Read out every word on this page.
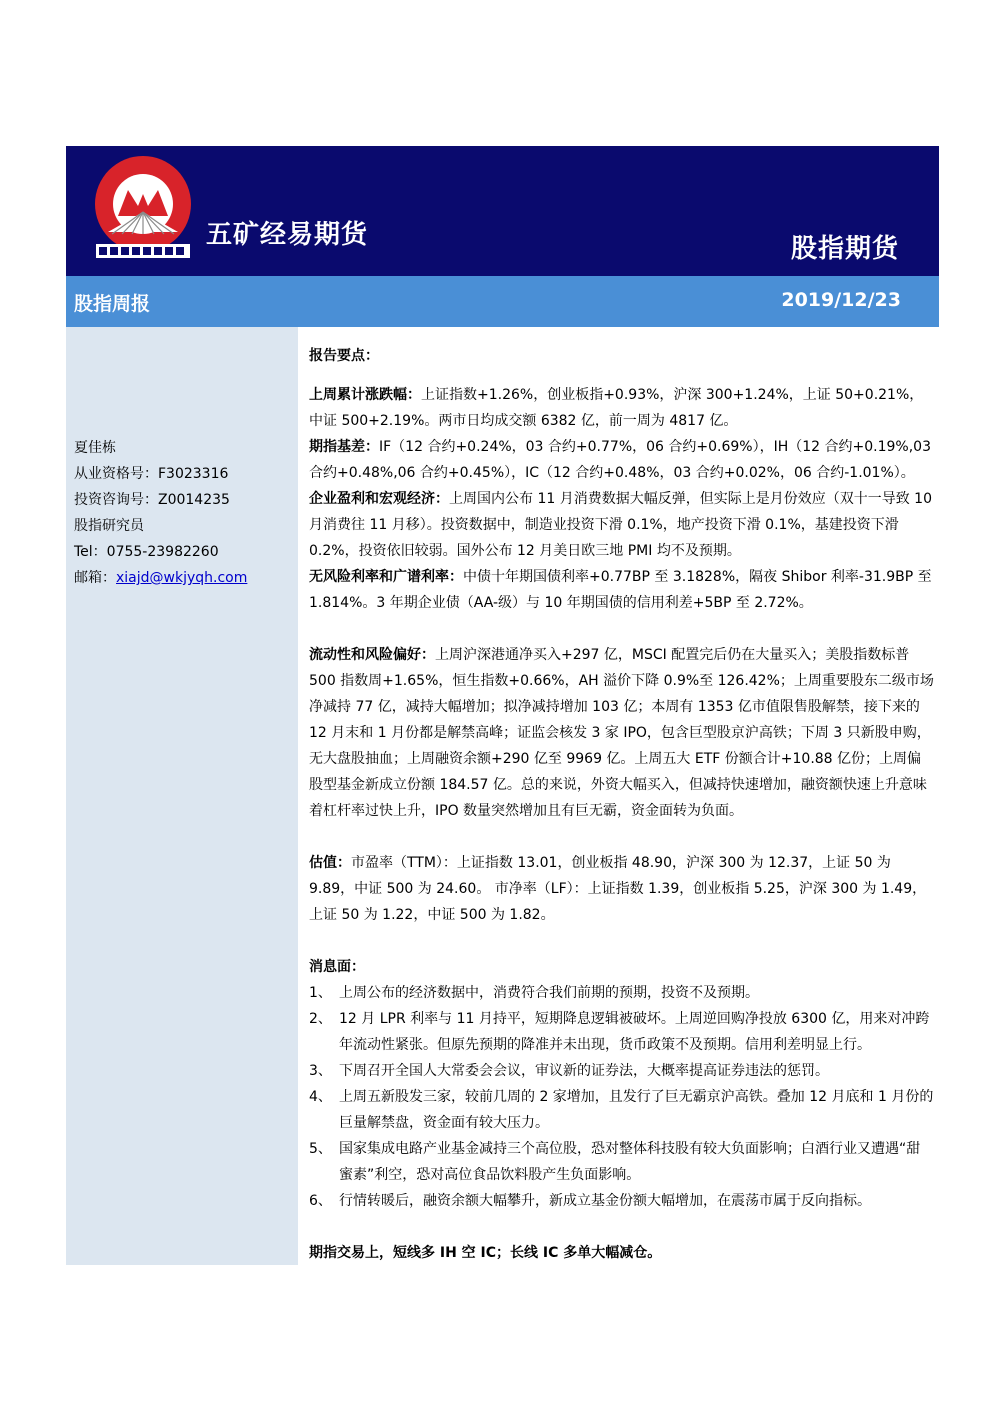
五矿经易期货	股指期货
股指周报	2019/12/23
夏佳栋
从业资格号：F3023316
投资咨询号：Z0014235
股指研究员
Tel：0755-23982260
邮箱：xiajd@wkjyqh.com

报告要点：

上周累计涨跌幅：上证指数+1.26%，创业板指+0.93%，沪深 300+1.24%，上证 50+0.21%，中证 500+2.19%。两市日均成交额 6382 亿，前一周为 4817 亿。

期指基差：IF（12 合约+0.24%，03 合约+0.77%，06 合约+0.69%），IH（12 合约+0.19%,03 合约+0.48%,06 合约+0.45%），IC（12 合约+0.48%，03 合约+0.02%，06 合约-1.01%）。

企业盈利和宏观经济：上周国内公布 11 月消费数据大幅反弹，但实际上是月份效应（双十一导致 10 月消费往 11 月移）。投资数据中，制造业投资下滑 0.1%，地产投资下滑 0.1%，基建投资下滑 0.2%，投资依旧较弱。国外公布 12 月美日欧三地 PMI 均不及预期。

无风险利率和广谱利率：中债十年期国债利率+0.77BP 至 3.1828%，隔夜 Shibor 利率-31.9BP 至 1.814%。3 年期企业债（AA-级）与 10 年期国债的信用利差+5BP 至 2.72%。

流动性和风险偏好：上周沪深港通净买入+297 亿，MSCI 配置完后仍在大量买入；美股指数标普 500 指数周+1.65%，恒生指数+0.66%，AH 溢价下降 0.9%至 126.42%；上周重要股东二级市场净减持 77 亿，减持大幅增加；拟净减持增加 103 亿；本周有 1353 亿市值限售股解禁，接下来的 12 月末和 1 月份都是解禁高峰；证监会核发 3 家 IPO，包含巨型股京沪高铁；下周 3 只新股申购，无大盘股抽血；上周融资余额+290 亿至 9969 亿。上周五大 ETF 份额合计+10.88 亿份；上周偏股型基金新成立份额 184.57 亿。总的来说，外资大幅买入，但减持快速增加，融资额快速上升意味着杠杆率过快上升，IPO 数量突然增加且有巨无霸，资金面转为负面。

估值：市盈率（TTM）：上证指数 13.01，创业板指 48.90，沪深 300 为 12.37，上证 50 为 9.89，中证 500 为 24.60。 市净率（LF）：上证指数 1.39，创业板指 5.25，沪深 300 为 1.49，上证 50 为 1.22，中证 500 为 1.82。

消息面：

1、 上周公布的经济数据中，消费符合我们前期的预期，投资不及预期。
2、 12 月 LPR 利率与 11 月持平，短期降息逻辑被破坏。上周逆回购净投放 6300 亿，用来对冲跨年流动性紧张。但原先预期的降准并未出现，货币政策不及预期。信用利差明显上行。
3、 下周召开全国人大常委会会议，审议新的证券法，大概率提高证券违法的惩罚。
4、 上周五新股发三家，较前几周的 2 家增加，且发行了巨无霸京沪高铁。叠加 12 月底和 1 月份的巨量解禁盘，资金面有较大压力。
5、 国家集成电路产业基金减持三个高位股，恐对整体科技股有较大负面影响；白酒行业又遭遇“甜蜜素”利空，恐对高位食品饮料股产生负面影响。
6、 行情转暖后，融资余额大幅攀升，新成立基金份额大幅增加，在震荡市属于反向指标。

期指交易上，短线多 IH 空 IC；长线 IC 多单大幅减仓。
